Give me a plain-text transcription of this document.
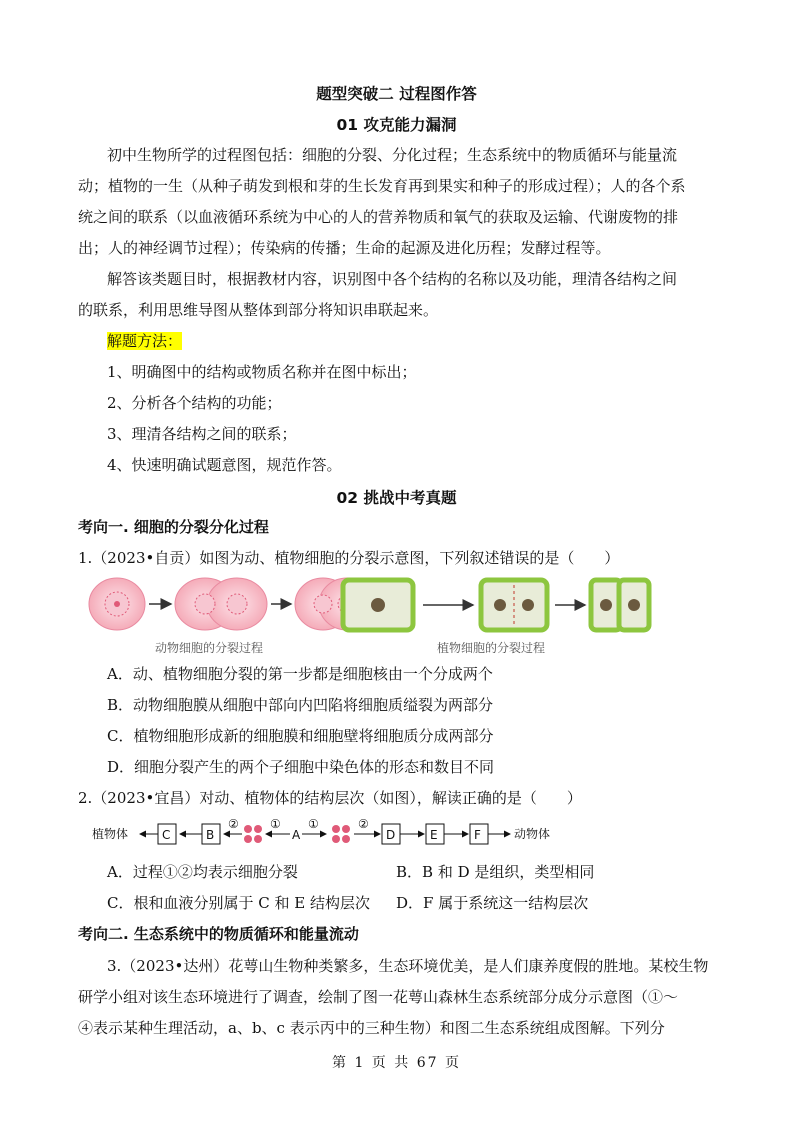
题型突破二 过程图作答
01 攻克能力漏洞
初中生物所学的过程图包括：细胞的分裂、分化过程；生态系统中的物质循环与能量流
动；植物的一生（从种子萌发到根和芽的生长发育再到果实和种子的形成过程）；人的各个系
统之间的联系（以血液循环系统为中心的人的营养物质和氧气的获取及运输、代谢废物的排
出；人的神经调节过程）；传染病的传播；生命的起源及进化历程；发酵过程等。
解答该类题目时，根据教材内容，识别图中各个结构的名称以及功能，理清各结构之间
的联系，利用思维导图从整体到部分将知识串联起来。
解题方法：
1、明确图中的结构或物质名称并在图中标出；
2、分析各个结构的功能；
3、理清各结构之间的联系；
4、快速明确试题意图，规范作答。
02 挑战中考真题
考向一. 细胞的分裂分化过程
1.（2023•自贡）如图为动、植物细胞的分裂示意图，下列叙述错误的是（　　）
动物细胞的分裂过程	植物细胞的分裂过程
A．动、植物细胞分裂的第一步都是细胞核由一个分成两个
B．动物细胞膜从细胞中部向内凹陷将细胞质缢裂为两部分
C．植物细胞形成新的细胞膜和细胞壁将细胞质分成两部分
D．细胞分裂产生的两个子细胞中染色体的形态和数目不同
2.（2023•宜昌）对动、植物体的结构层次（如图），解读正确的是（　　）
植物体	C	B
②	①
A
①	②
D	E	F	动物体
A．过程①②均表示细胞分裂	B．B 和 D 是组织，类型相同
C．根和血液分别属于 C 和 E 结构层次 D．F 属于系统这一结构层次
考向二. 生态系统中的物质循环和能量流动
3.（2023•达州）花萼山生物种类繁多，生态环境优美，是人们康养度假的胜地。某校生物
研学小组对该生态环境进行了调查，绘制了图一花萼山森林生态系统部分成分示意图（①～
④表示某种生理活动，a、b、c 表示丙中的三种生物）和图二生态系统组成图解。下列分
第 1 页 共 67 页
